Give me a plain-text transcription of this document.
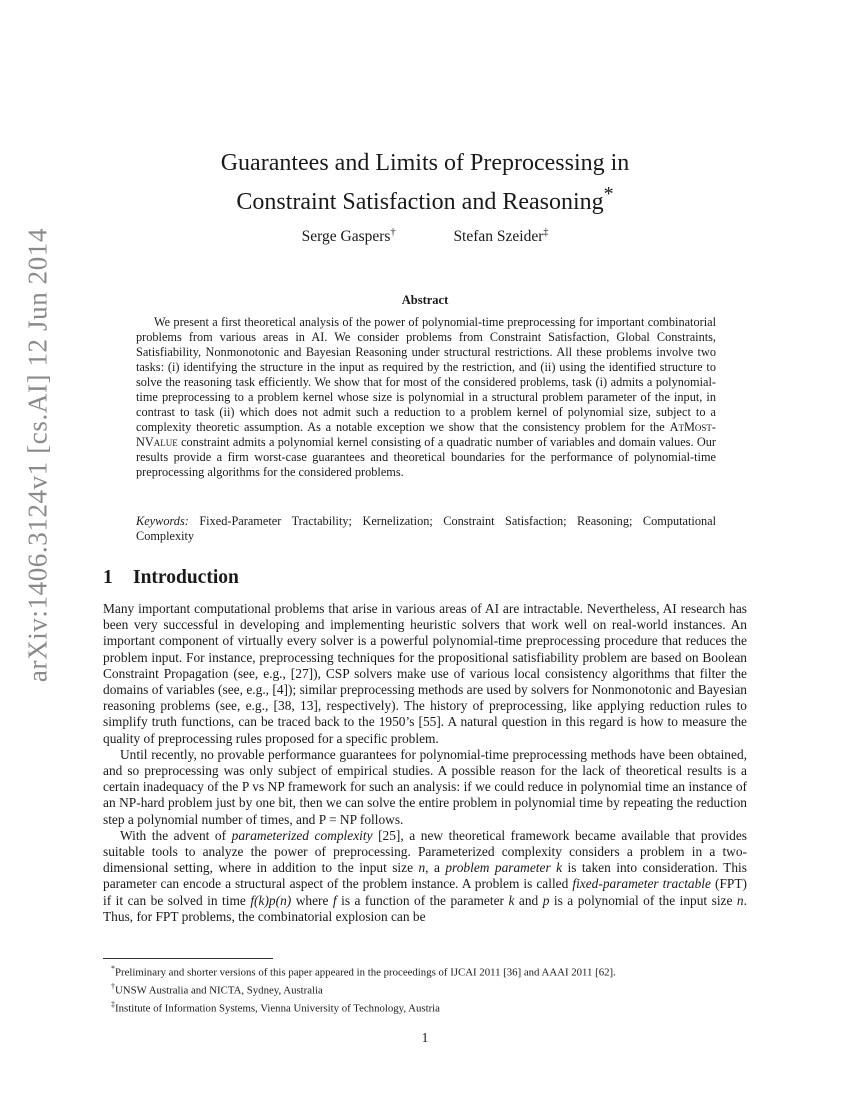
arXiv:1406.3124v1 [cs.AI] 12 Jun 2014
Guarantees and Limits of Preprocessing in
Constraint Satisfaction and Reasoning*
Serge Gaspers†	Stefan Szeider‡
Abstract
We present a first theoretical analysis of the power of polynomial-time preprocessing for important combinatorial problems from various areas in AI. We consider problems from Constraint Satisfaction, Global Constraints, Satisfiability, Nonmonotonic and Bayesian Reasoning under structural restrictions. All these problems involve two tasks: (i) identifying the structure in the input as required by the restriction, and (ii) using the identified structure to solve the reasoning task efficiently. We show that for most of the considered problems, task (i) admits a polynomial-time preprocessing to a problem kernel whose size is polynomial in a structural problem parameter of the input, in contrast to task (ii) which does not admit such a reduction to a problem kernel of polynomial size, subject to a complexity theoretic assumption. As a notable exception we show that the consistency problem for the AtMost-NValue constraint admits a polynomial kernel consisting of a quadratic number of variables and domain values. Our results provide a firm worst-case guarantees and theoretical boundaries for the performance of polynomial-time preprocessing algorithms for the considered problems.
Keywords: Fixed-Parameter Tractability; Kernelization; Constraint Satisfaction; Reasoning; Computational Complexity
1 Introduction

Many important computational problems that arise in various areas of AI are intractable. Nevertheless, AI research has been very successful in developing and implementing heuristic solvers that work well on real-world instances. An important component of virtually every solver is a powerful polynomial-time preprocessing procedure that reduces the problem input. For instance, preprocessing techniques for the propositional satisfiability problem are based on Boolean Constraint Propagation (see, e.g., [27]), CSP solvers make use of various local consistency algorithms that filter the domains of variables (see, e.g., [4]); similar preprocessing methods are used by solvers for Nonmonotonic and Bayesian reasoning problems (see, e.g., [38, 13], respectively). The history of preprocessing, like applying reduction rules to simplify truth functions, can be traced back to the 1950’s [55]. A natural question in this regard is how to measure the quality of preprocessing rules proposed for a specific problem.

Until recently, no provable performance guarantees for polynomial-time preprocessing methods have been obtained, and so preprocessing was only subject of empirical studies. A possible reason for the lack of theoretical results is a certain inadequacy of the P vs NP framework for such an analysis: if we could reduce in polynomial time an instance of an NP-hard problem just by one bit, then we can solve the entire problem in polynomial time by repeating the reduction step a polynomial number of times, and P = NP follows.

With the advent of parameterized complexity [25], a new theoretical framework became available that provides suitable tools to analyze the power of preprocessing. Parameterized complexity considers a problem in a two-dimensional setting, where in addition to the input size n, a problem parameter k is taken into consideration. This parameter can encode a structural aspect of the problem instance. A problem is called fixed-parameter tractable (FPT) if it can be solved in time f(k)p(n) where f is a function of the parameter k and p is a polynomial of the input size n. Thus, for FPT problems, the combinatorial explosion can be

*Preliminary and shorter versions of this paper appeared in the proceedings of IJCAI 2011 [36] and AAAI 2011 [62].
†UNSW Australia and NICTA, Sydney, Australia
‡Institute of Information Systems, Vienna University of Technology, Austria
1
